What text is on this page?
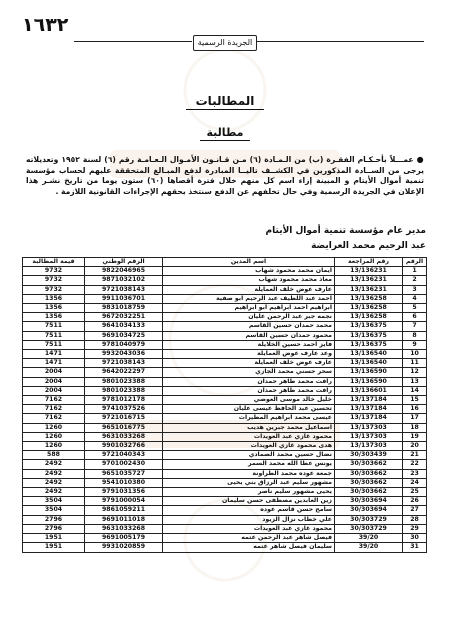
١٦٣٢
الجريدة الرسمية
المطالبات
مطالبة
●عمـــلاً بأحـكـام الفقـرة (ب) من الـمـادة (٦) مـن قـانـون الأمـوال الـعـامـة رقم (٦) لسنة ١٩٥٢ وتعديلاته يرجى من الســادة المذكورين في الكشــف تاليــا المبادرة لدفع المبـالغ المتحققة عليهم لحساب مؤسسة تنمية أموال الأيتام و المبينة إزاء اسم كل منهم خلال فترة أقصاها (٦٠) ستون يوما من تاريخ نشـر هذا الإعلان في الجريدة الرسمية وفي حال تخلفهم عن الدفع سنتخذ بحقهم الإجراءات القانونية اللازمة .
مدير عام مؤسسة تنمية أموال الأيتام
عبد الرحيم محمد العرايضة
الرقم	رقم المراجعة	اسم المدين	الرقم الوطني	قيمة المطالبة
1	13/136231	ايمان محمد محمود شهاب	9822046965	9732
2	13/136231	معاذ محمد محمود شهاب	9871032102	9732
3	13/136231	عارف عوض خلف العمايلة	9721038143	9732
4	13/136258	احمد عبد اللطيف عبد الرحيم ابو صفية	9911036701	1356
5	13/136258	ابراهيم احمد ابراهيم ابو ابراهيم	9831018759	1356
6	13/136258	نجمه جبر عبد الرحمن عليان	9672032251	1356
7	13/136375	محمد حمدان حسين القاسم	9641034133	7511
8	13/136375	محمود حمدان حسين القاسم	9691034725	7511
9	13/136375	فايز احمد حسين الخلايلة	9781040979	7511
10	13/136540	وعد عارف عوض العمايلة	9932043036	1471
11	13/136540	عارف عوض خلف العمايلة	9721038143	1471
12	13/136590	سحر حسني محمد الجازي	9642022297	2004
13	13/136590	رافت محمد طاهر حمدان	9801023388	2004
14	13/136601	رافت محمد طاهر حمدان	9801023388	2004
15	13/137184	خليل خالد موسى العوضي	9781012178	7162
16	13/137184	تحسين عبد الحافظ عيسى عليان	9741037526	7162
17	13/137184	عيسى محمد ابراهيم المطيرات	9721016715	7162
18	13/137303	اسماعيل محمد جبرين هديب	9651016775	1260
19	13/137303	محمود غازي عبد العويدات	9631033268	1260
20	13/137303	هدى محمود غازي العويدات	9901032766	1260
21	30/303439	نضال حسين محمد الصمادي	9721040343	588
22	30/303662	يونس عطا الله محمد السمر	9701002430	2492
23	30/303662	جمعة عوده محمد الطراونة	9651035727	2492
24	30/303662	مشهور سليم عبد الرزاق بني يحيى	9541010380	2492
25	30/303662	يحيى مشهور سليم ناصر	9791031356	2492
26	30/303694	زين العابدين مصطفى حسن سليمان	9791000054	3504
27	30/303694	سامح حسن قاسم عوده	9861059211	3504
28	30/303729	علي خطاب نزال الزيود	9691011018	2796
29	30/303729	محمود غازي عبد العويدات	9631033268	2796
30	39/20	فيصل شاهر عبد الرحمن عتمه	9691005179	1951
31	39/20	سليمان فيصل شاهر عتمه	9931020859	1951
